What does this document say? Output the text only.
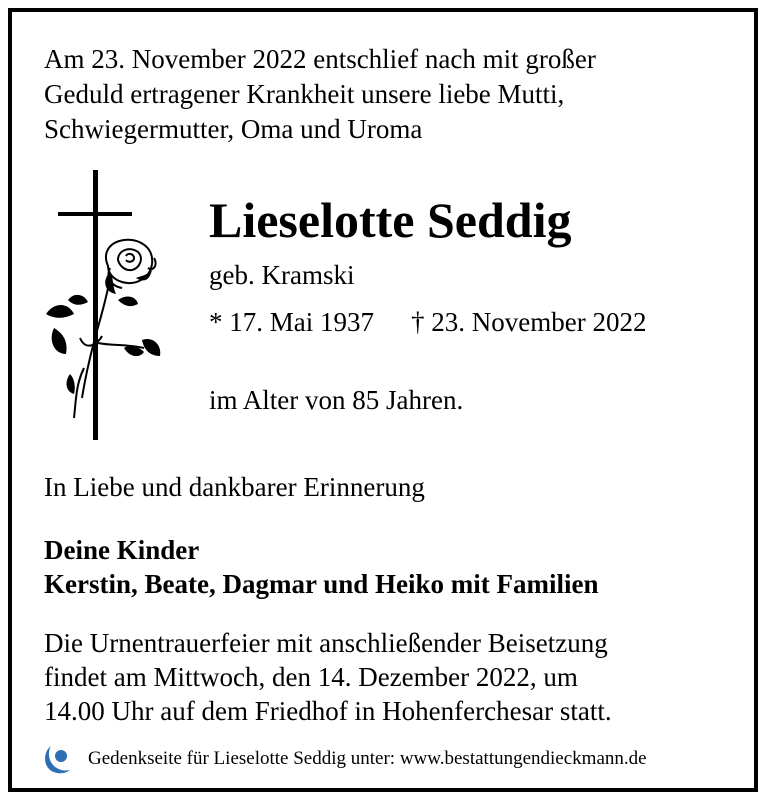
Am 23. November 2022 entschlief nach mit großer
Geduld ertragener Krankheit unsere liebe Mutti,
Schwiegermutter, Oma und Uroma
Lieselotte Seddig
geb. Kramski
* 17. Mai 1937 † 23. November 2022
im Alter von 85 Jahren.
In Liebe und dankbarer Erinnerung
Deine Kinder
Kerstin, Beate, Dagmar und Heiko mit Familien
Die Urnentrauerfeier mit anschließender Beisetzung
findet am Mittwoch, den 14. Dezember 2022, um
14.00 Uhr auf dem Friedhof in Hohenferchesar statt.
Gedenkseite für Lieselotte Seddig unter: www.bestattungendieckmann.de
